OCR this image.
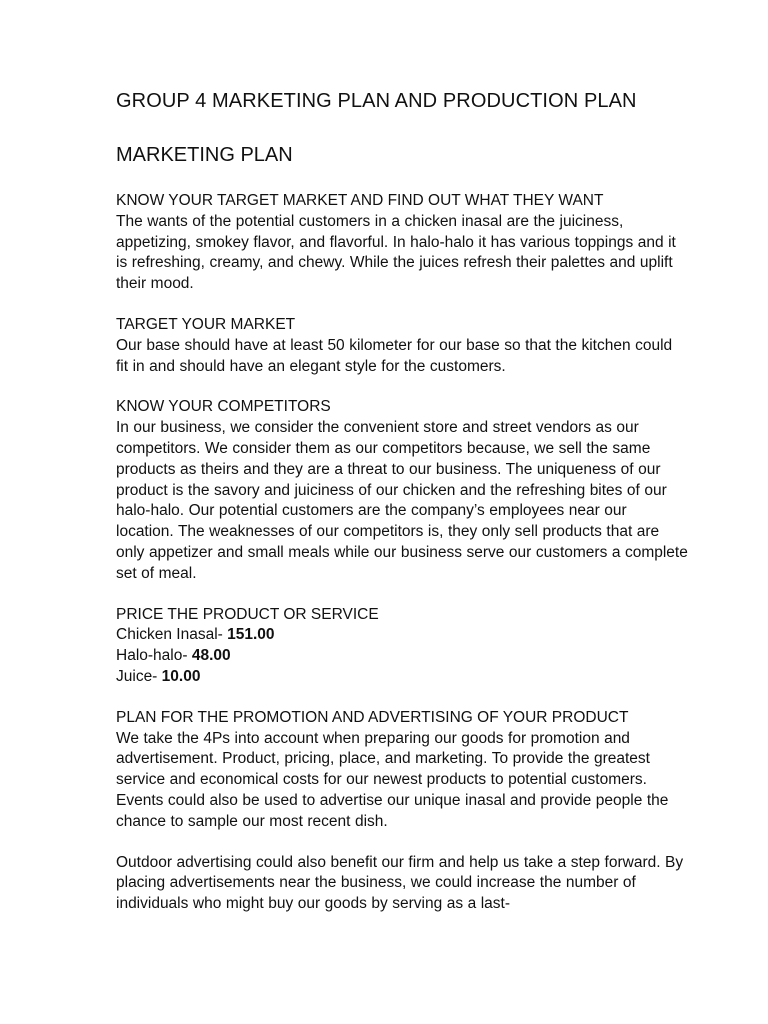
GROUP 4 MARKETING PLAN AND PRODUCTION PLAN
MARKETING PLAN

KNOW YOUR TARGET MARKET AND FIND OUT WHAT THEY WANT

The wants of the potential customers in a chicken inasal are the juiciness, appetizing, smokey flavor, and flavorful. In halo-halo it has various toppings and it is refreshing, creamy, and chewy. While the juices refresh their palettes and uplift their mood.

TARGET YOUR MARKET

Our base should have at least 50 kilometer for our base so that the kitchen could fit in and should have an elegant style for the customers.

KNOW YOUR COMPETITORS

In our business, we consider the convenient store and street vendors as our competitors. We consider them as our competitors because, we sell the same products as theirs and they are a threat to our business. The uniqueness of our product is the savory and juiciness of our chicken and the refreshing bites of our halo-halo. Our potential customers are the company’s employees near our location. The weaknesses of our competitors is, they only sell products that are only appetizer and small meals while our business serve our customers a complete set of meal.

PRICE THE PRODUCT OR SERVICE

Chicken Inasal- 151.00

Halo-halo- 48.00

Juice- 10.00

PLAN FOR THE PROMOTION AND ADVERTISING OF YOUR PRODUCT

We take the 4Ps into account when preparing our goods for promotion and advertisement. Product, pricing, place, and marketing. To provide the greatest service and economical costs for our newest products to potential customers. Events could also be used to advertise our unique inasal and provide people the chance to sample our most recent dish.

Outdoor advertising could also benefit our firm and help us take a step forward. By placing advertisements near the business, we could increase the number of individuals who might buy our goods by serving as a last-
